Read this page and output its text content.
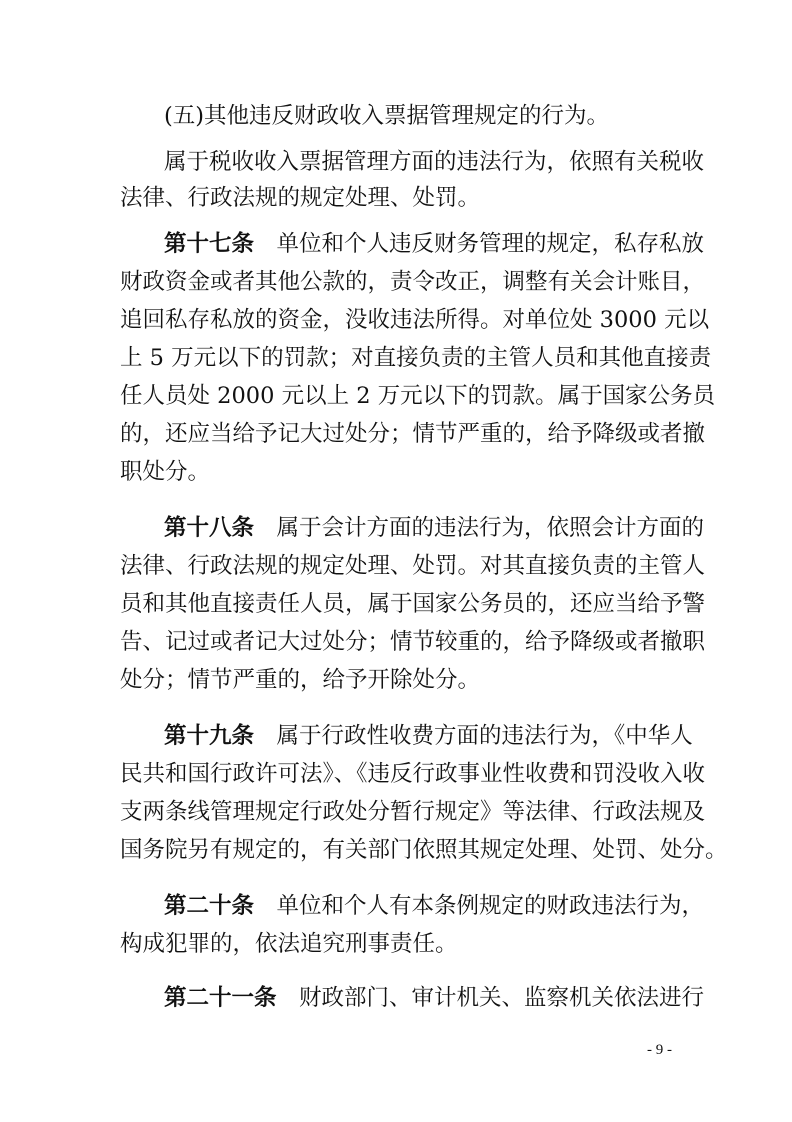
(五)其他违反财政收入票据管理规定的行为。
属于税收收入票据管理方面的违法行为，依照有关税收
法律、行政法规的规定处理、处罚。
第十七条　单位和个人违反财务管理的规定，私存私放
财政资金或者其他公款的，责令改正，调整有关会计账目，
追回私存私放的资金，没收违法所得。对单位处 3000 元以
上 5 万元以下的罚款；对直接负责的主管人员和其他直接责
任人员处 2000 元以上 2 万元以下的罚款。属于国家公务员
的，还应当给予记大过处分；情节严重的，给予降级或者撤
职处分。
第十八条　属于会计方面的违法行为，依照会计方面的
法律、行政法规的规定处理、处罚。对其直接负责的主管人
员和其他直接责任人员，属于国家公务员的，还应当给予警
告、记过或者记大过处分；情节较重的，给予降级或者撤职
处分；情节严重的，给予开除处分。
第十九条　属于行政性收费方面的违法行为，《中华人
民共和国行政许可法》、《违反行政事业性收费和罚没收入收
支两条线管理规定行政处分暂行规定》等法律、行政法规及
国务院另有规定的，有关部门依照其规定处理、处罚、处分。
第二十条　单位和个人有本条例规定的财政违法行为，
构成犯罪的，依法追究刑事责任。
第二十一条　财政部门、审计机关、监察机关依法进行
- 9 -
